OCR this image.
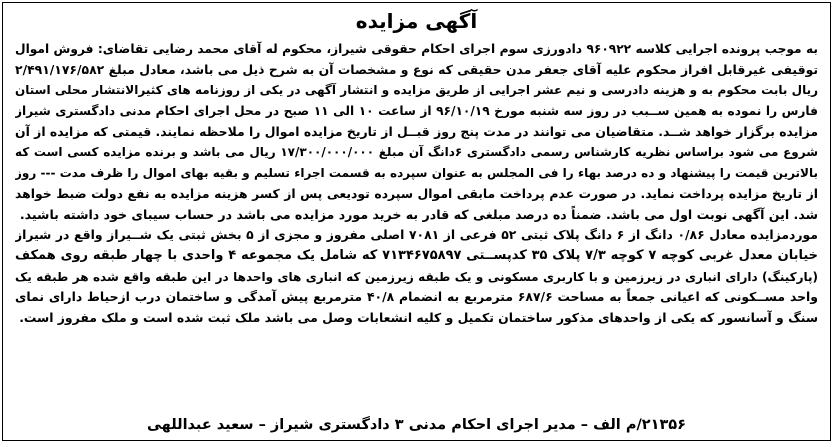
آگهی مزایده
به موجب پرونده اجرایی کلاسه ۹۶۰۹۲۲ دادورزی سوم اجرای احکام حقوقی شیراز، محکوم له آقای محمد رضایی تقاضای: فروش اموال
توقیفی غیرقابل افراز محکوم علیه آقای جعفر مدن حقیقی که نوع و مشخصات آن به شرح ذیل می باشد، معادل مبلغ ۲/۴۹۱/۱۷۶/۵۸۲
ریال بابت محکوم به و هزینه دادرسی و نیم عشر اجرایی از طریق مزایده و انتشار آگهی در یکی از روزنامه های کثیرالانتشار محلی استان
فارس را نموده به همین ســبب در روز سه شنبه مورخ ۹۶/۱۰/۱۹ از ساعت ۱۰ الی ۱۱ صبح در محل اجرای احکام مدنی دادگستری شیراز
مزایده برگزار خواهد شــد. متقاضیان می توانند در مدت پنج روز قبــل از تاریخ مزایده اموال را ملاحظه نمایند. قیمتی که مزایده از آن
شروع می شود براساس نظریه کارشناس رسمی دادگستری ۶دانگ آن مبلغ ۱۷/۳۰۰/۰۰۰/۰۰۰ ریال می باشد و برنده مزایده کسی است که
بالاترین قیمت را پیشنهاد و ده درصد بهاء را فی المجلس به عنوان سپرده به قسمت اجراء تسلیم و بقیه بهای اموال را ظرف مدت --- روز
از تاریخ مزایده پرداخت نماید. در صورت عدم پرداخت مابقی اموال سپرده تودیعی پس از کسر هزینه مزایده به نفع دولت ضبط خواهد
شد. این آگهی نوبت اول می باشد. ضمناً ده درصد مبلغی که قادر به خرید مورد مزایده می باشد در حساب سیبای خود داشته باشید.
موردمزایده معادل ۰/۸۶ دانگ از ۶ دانگ پلاک ثبتی ۵۲ فرعی از ۷۰۸۱ اصلی مفروز و مجزی از ۵ بخش ثبتی یک شــیراز واقع در شیراز
خیابان معدل غربی کوچه ۷ کوچه ۷/۳ پلاک ۳۵ کدپســتی ۷۱۳۴۶۷۵۸۹۷ که شامل یک مجموعه ۴ واحدی با چهار طبقه روی همکف
(پارکینگ) دارای انباری در زیرزمین و با کاربری مسکونی و یک طبقه زیرزمین که انباری های واحدها در این طبقه واقع شده هر طبقه یک
واحد مســکونی که اعیانی جمعاً به مساحت ۶۸۷/۶ مترمربع به انضمام ۴۰/۸ مترمربع پیش آمدگی و ساختمان درب ازحیاط دارای نمای
سنگ و آسانسور که یکی از واحدهای مذکور ساختمان تکمیل و کلیه انشعابات وصل می باشد ملک ثبت شده است و ملک مفروز است.
۲۱۳۵۶/م الف – مدیر اجرای احکام مدنی ۳ دادگستری شیراز – سعید عبداللهی
